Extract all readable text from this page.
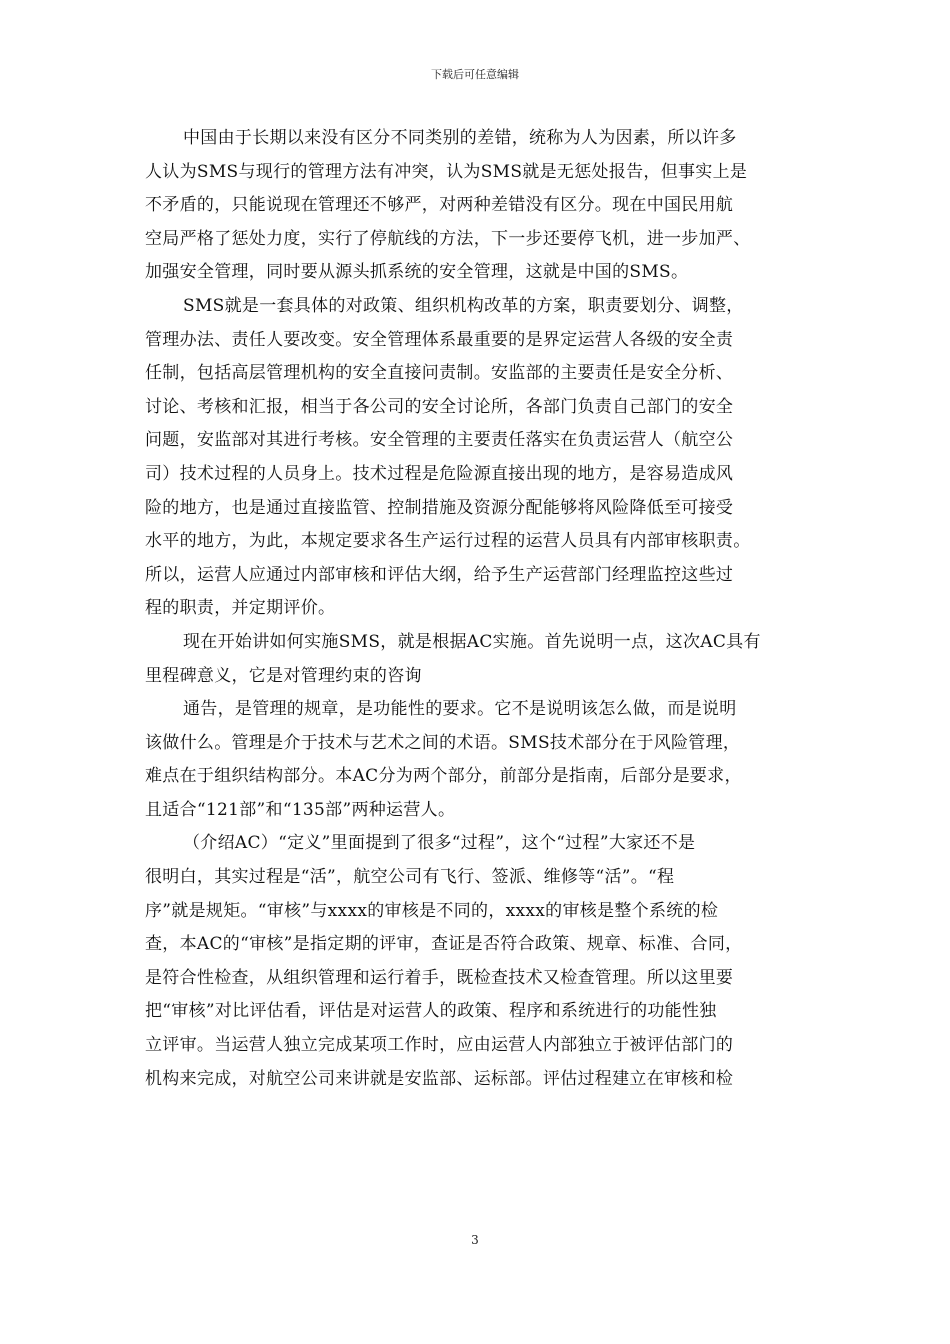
下载后可任意编辑

中国由于长期以来没有区分不同类别的差错，统称为人为因素，所以许多

人认为SMS与现行的管理方法有冲突，认为SMS就是无惩处报告，但事实上是

不矛盾的，只能说现在管理还不够严，对两种差错没有区分。现在中国民用航

空局严格了惩处力度，实行了停航线的方法，下一步还要停飞机，进一步加严、

加强安全管理，同时要从源头抓系统的安全管理，这就是中国的SMS。

SMS就是一套具体的对政策、组织机构改革的方案，职责要划分、调整，

管理办法、责任人要改变。安全管理体系最重要的是界定运营人各级的安全责

任制，包括高层管理机构的安全直接问责制。安监部的主要责任是安全分析、

讨论、考核和汇报，相当于各公司的安全讨论所，各部门负责自己部门的安全

问题，安监部对其进行考核。安全管理的主要责任落实在负责运营人（航空公

司）技术过程的人员身上。技术过程是危险源直接出现的地方，是容易造成风

险的地方，也是通过直接监管、控制措施及资源分配能够将风险降低至可接受

水平的地方，为此，本规定要求各生产运行过程的运营人员具有内部审核职责。

所以，运营人应通过内部审核和评估大纲，给予生产运营部门经理监控这些过

程的职责，并定期评价。

现在开始讲如何实施SMS，就是根据AC实施。首先说明一点，这次AC具有

里程碑意义，它是对管理约束的咨询

通告，是管理的规章，是功能性的要求。它不是说明该怎么做，而是说明

该做什么。管理是介于技术与艺术之间的术语。SMS技术部分在于风险管理，

难点在于组织结构部分。本AC分为两个部分，前部分是指南，后部分是要求，

且适合“121部”和“135部”两种运营人。

（介绍AC）“定义”里面提到了很多“过程”，这个“过程”大家还不是

很明白，其实过程是“活”，航空公司有飞行、签派、维修等“活”。“程

序”就是规矩。“审核”与xxxx的审核是不同的，xxxx的审核是整个系统的检

查，本AC的“审核”是指定期的评审，查证是否符合政策、规章、标准、合同，

是符合性检查，从组织管理和运行着手，既检查技术又检查管理。所以这里要

把“审核”对比评估看，评估是对运营人的政策、程序和系统进行的功能性独

立评审。当运营人独立完成某项工作时，应由运营人内部独立于被评估部门的

机构来完成，对航空公司来讲就是安监部、运标部。评估过程建立在审核和检

3
